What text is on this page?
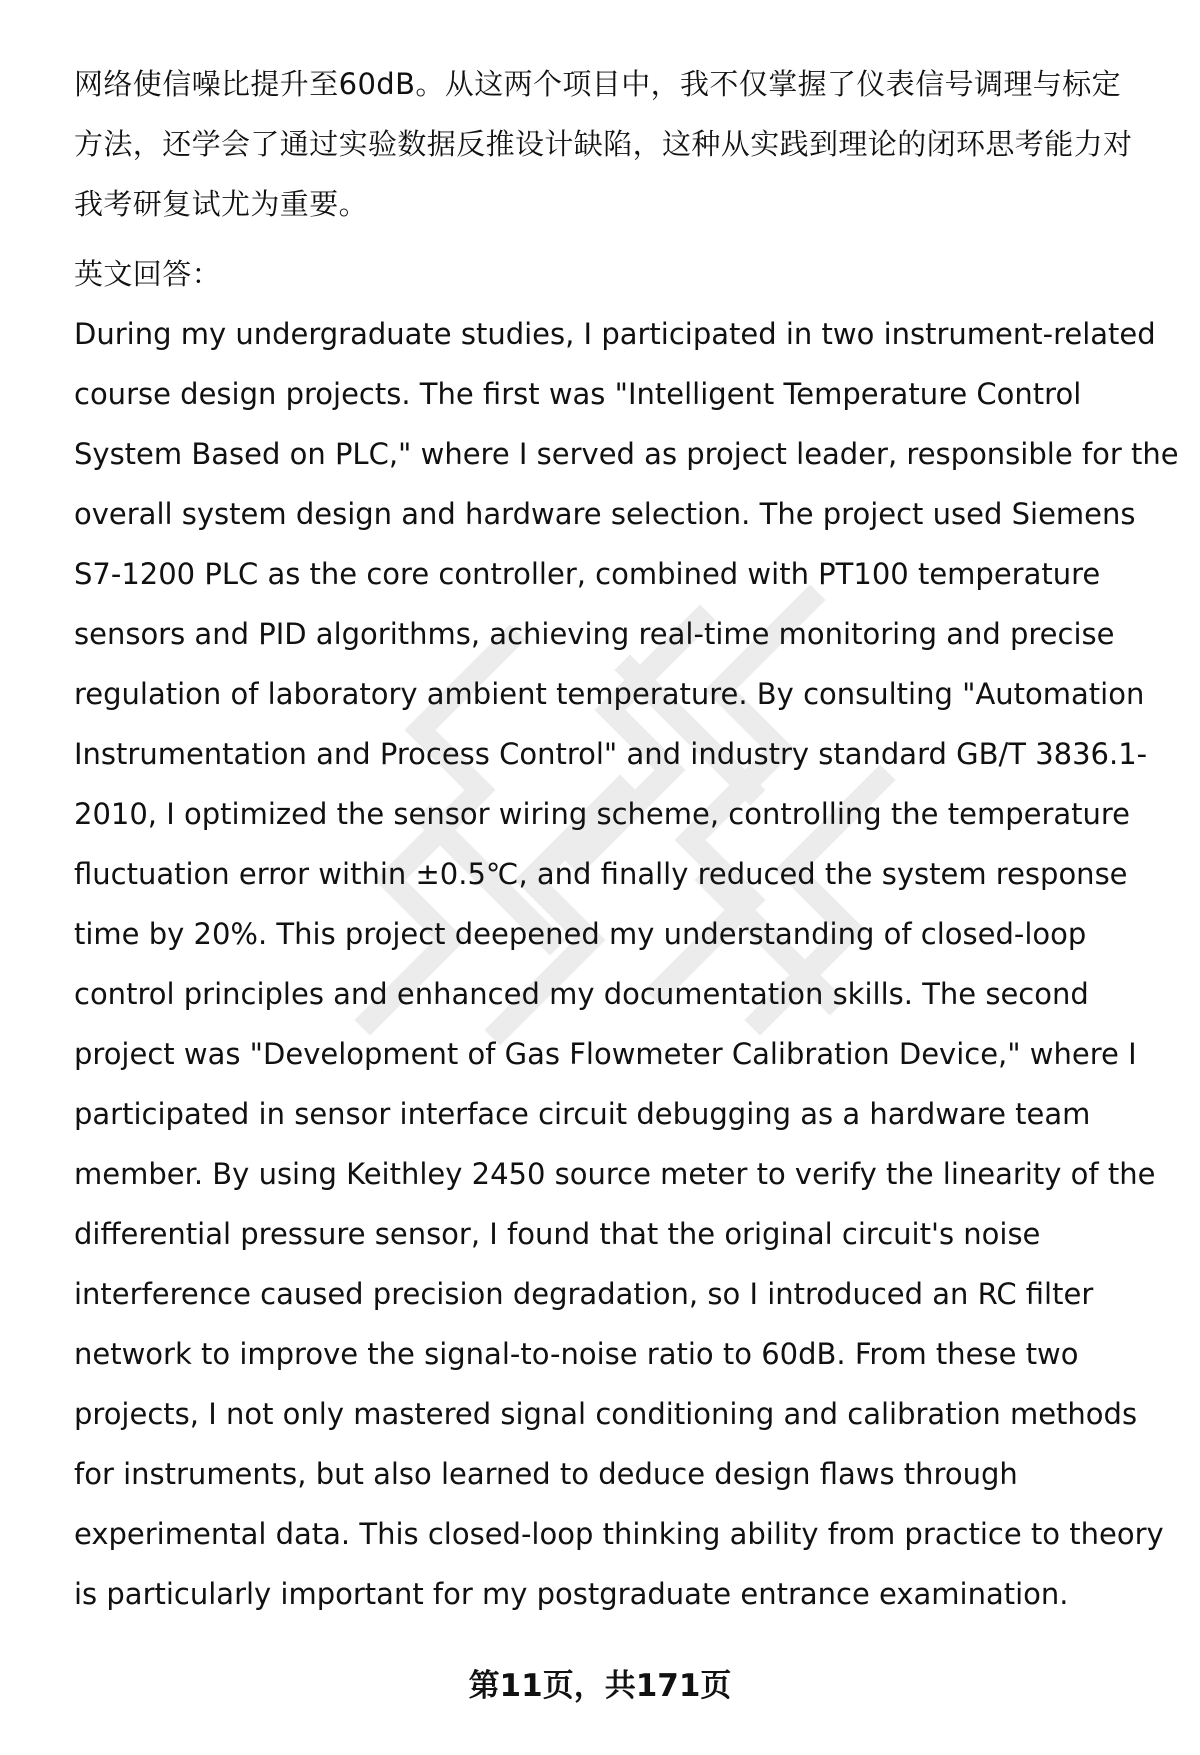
网络使信噪比提升至60dB。从这两个项目中，我不仅掌握了仪表信号调理与标定
方法，还学会了通过实验数据反推设计缺陷，这种从实践到理论的闭环思考能力对
我考研复试尤为重要。
英文回答：
During my undergraduate studies, I participated in two instrument-related
course design projects. The first was "Intelligent Temperature Control
System Based on PLC," where I served as project leader, responsible for the
overall system design and hardware selection. The project used Siemens
S7-1200 PLC as the core controller, combined with PT100 temperature
sensors and PID algorithms, achieving real-time monitoring and precise
regulation of laboratory ambient temperature. By consulting "Automation
Instrumentation and Process Control" and industry standard GB/T 3836.1-
2010, I optimized the sensor wiring scheme, controlling the temperature
fluctuation error within ±0.5℃, and finally reduced the system response
time by 20%. This project deepened my understanding of closed-loop
control principles and enhanced my documentation skills. The second
project was "Development of Gas Flowmeter Calibration Device," where I
participated in sensor interface circuit debugging as a hardware team
member. By using Keithley 2450 source meter to verify the linearity of the
differential pressure sensor, I found that the original circuit's noise
interference caused precision degradation, so I introduced an RC filter
network to improve the signal-to-noise ratio to 60dB. From these two
projects, I not only mastered signal conditioning and calibration methods
for instruments, but also learned to deduce design flaws through
experimental data. This closed-loop thinking ability from practice to theory
is particularly important for my postgraduate entrance examination.
第11页，共171页
